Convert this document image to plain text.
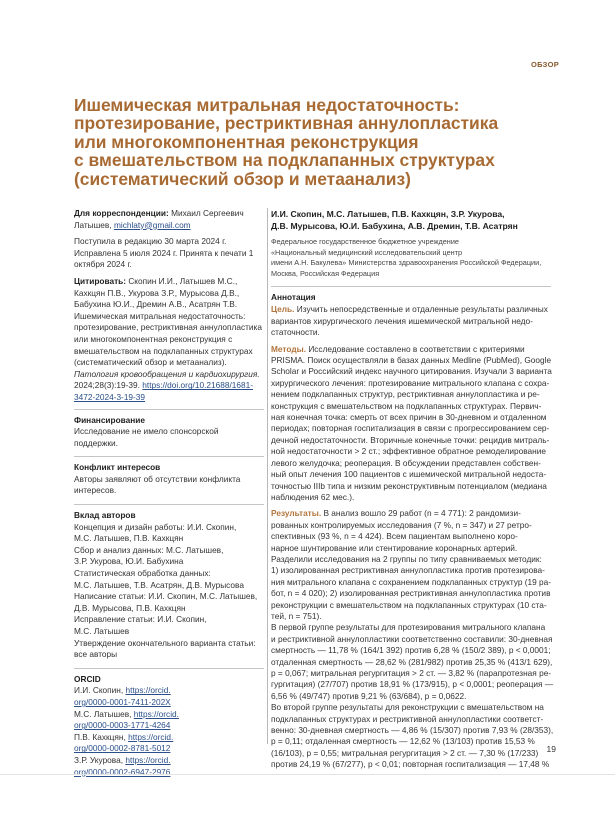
ОБЗОР
Ишемическая митральная недостаточность:
протезирование, рестриктивная аннулопластика
или многокомпонентная реконструкция
с вмешательством на подклапанных структурах
(систематический обзор и метаанализ)

Для корреспонденции: Михаил Сергеевич Латышев, michlaty@gmail.com

Поступила в редакцию 30 марта 2024 г. Исправлена 5 июля 2024 г. Принята к печати 1 октября 2024 г.

Цитировать: Скопин И.И., Латышев М.С., Кахкцян П.В., Укурова З.Р., Мурысова Д.В., Бабухина Ю.И., Дремин А.В., Асатрян Т.В. Ишемическая митральная недостаточность: протезирование, рестриктивная аннулопластика или многокомпонентная реконструкция с вмешательством на подклапанных структурах (систематический обзор и метаанализ). Патология кровообращения и кардиохирургия. 2024;28(3):19-39. https://doi.org/10.21688/1681-3472-2024-3-19-39

Финансирование
Исследование не имело спонсорской поддержки.
Конфликт интересов
Авторы заявляют об отсутствии конфликта интересов.
Вклад авторов
Концепция и дизайн работы: И.И. Скопин,
М.С. Латышев, П.В. Кахкцян
Сбор и анализ данных: М.С. Латышев,
З.Р. Укурова, Ю.И. Бабухина
Статистическая обработка данных:
М.С. Латышев, Т.В. Асатрян, Д.В. Мурысова
Написание статьи: И.И. Скопин, М.С. Латышев,
Д.В. Мурысова, П.В. Кахкцян
Исправление статьи: И.И. Скопин,
М.С. Латышев
Утверждение окончательного варианта статьи:
все авторы
ORCID
И.И. Скопин, https://orcid.
org/0000-0001-7411-202X
М.С. Латышев, https://orcid.
org/0000-0003-1771-4264
П.В. Кахкцян, https://orcid.
org/0000-0002-8781-5012
З.Р. Укурова, https://orcid.
org/0000-0002-6947-2976
И.И. Скопин, М.С. Латышев, П.В. Кахкцян, З.Р. Укурова,
Д.В. Мурысова, Ю.И. Бабухина, А.В. Дремин, Т.В. Асатрян
Федеральное государственное бюджетное учреждение
«Национальный медицинский исследовательский центр
имени А.Н. Бакулева» Министерства здравоохранения Российской Федерации,
Москва, Российская Федерация
Аннотация

Цель. Изучить непосредственные и отдаленные результаты различных
вариантов хирургического лечения ишемической митральной недо-
статочности.

Методы. Исследование составлено в соответствии с критериями
PRISMA. Поиск осуществляли в базах данных Medline (PubMed), Google
Scholar и Российский индекс научного цитирования. Изучали 3 варианта
хирургического лечения: протезирование митрального клапана с сохра-
нением подклапанных структур, рестриктивная аннулопластика и ре-
конструкция с вмешательством на подклапанных структурах. Первич-
ная конечная точка: смерть от всех причин в 30-дневном и отдаленном
периодах; повторная госпитализация в связи с прогрессированием сер-
дечной недостаточности. Вторичные конечные точки: рецидив митраль-
ной недостаточности > 2 ст.; эффективное обратное ремоделирование
левого желудочка; реоперация. В обсуждении представлен собствен-
ный опыт лечения 100 пациентов с ишемической митральной недоста-
точностью IIIb типа и низким реконструктивным потенциалом (медиана
наблюдения 62 мес.).

Результаты. В анализ вошло 29 работ (n = 4 771): 2 рандомизи-
рованных контролируемых исследования (7 %, n = 347) и 27 ретро-
спективных (93 %, n = 4 424). Всем пациентам выполнено коро-
нарное шунтирование или стентирование коронарных артерий.
Разделили исследования на 2 группы по типу сравниваемых методик:
1) изолированная рестриктивная аннулопластика против протезирова-
ния митрального клапана с сохранением подклапанных структур (19 ра-
бот, n = 4 020); 2) изолированная рестриктивная аннулопластика против
реконструкции с вмешательством на подклапанных структурах (10 ста-
тей, n = 751).
В первой группе результаты для протезирования митрального клапана
и рестриктивной аннулопластики соответственно составили: 30-дневная
смертность — 11,78 % (164/1 392) против 6,28 % (150/2 389), p < 0,0001;
отдаленная смертность — 28,62 % (281/982) против 25,35 % (413/1 629),
p = 0,067; митральная регургитация > 2 ст. — 3,82 % (парапротезная ре-
гургитация) (27/707) против 18,91 % (173/915), p < 0,0001; реоперация —
6,56 % (49/747) против 9,21 % (63/684), p = 0,0622.
Во второй группе результаты для реконструкции с вмешательством на
подклапанных структурах и рестриктивной аннулопластики соответст-
венно: 30-дневная смертность — 4,86 % (15/307) против 7,93 % (28/353),
p = 0,11; отдаленная смертность — 12,62 % (13/103) против 15,53 %
(16/103), p = 0,55; митральная регургитация > 2 ст. — 7,30 % (17/233)
против 24,19 % (67/277), p < 0,01; повторная госпитализация — 17,48 %

19
